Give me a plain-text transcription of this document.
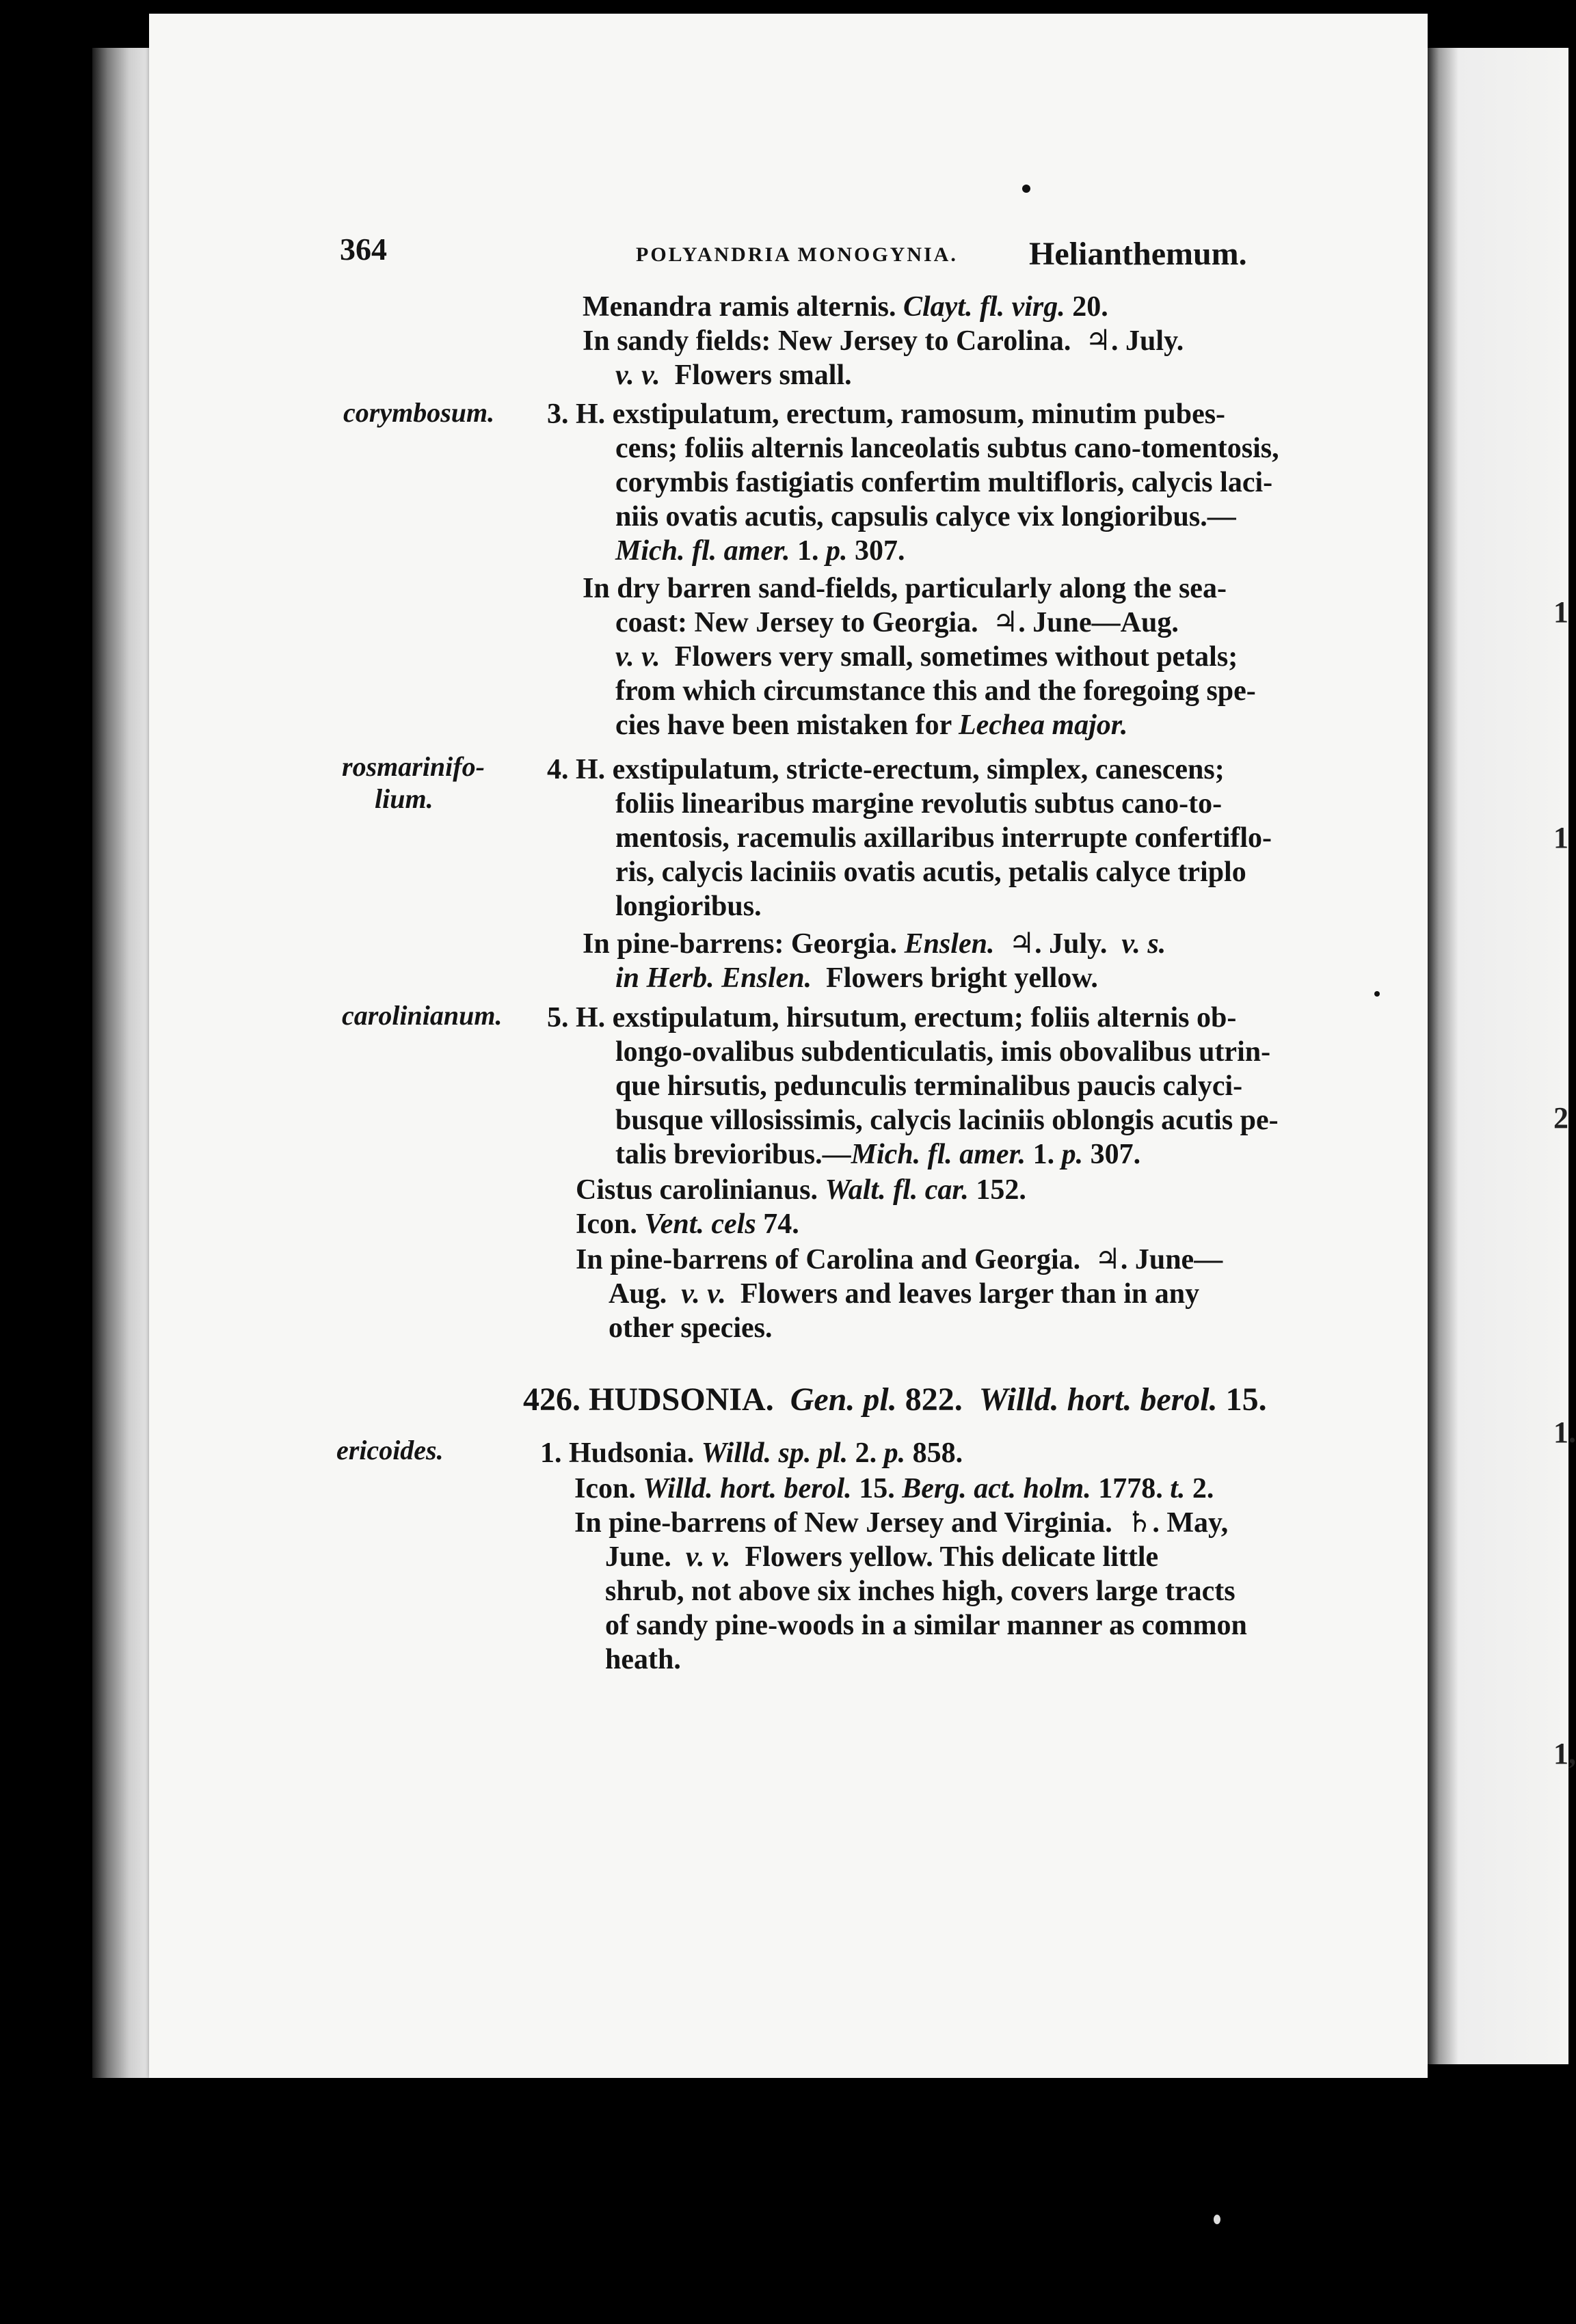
1
1
2
1.
1,
364	POLYANDRIA MONOGYNIA. Helianthemum.
corymbosum.
rosmarinifo-
lium.
carolinianum.
ericoides.
Menandra ramis alternis. Clayt. fl. virg. 20.
In sandy fields: New Jersey to Carolina.  ♃. July.
v. v.  Flowers small.
3. H. exstipulatum, erectum, ramosum, minutim pubes-
cens; foliis alternis lanceolatis subtus cano-tomentosis,
corymbis fastigiatis confertim multifloris, calycis laci-
niis ovatis acutis, capsulis calyce vix longioribus.—
Mich. fl. amer. 1. p. 307.
In dry barren sand-fields, particularly along the sea-
coast: New Jersey to Georgia.  ♃. June—Aug.
v. v.  Flowers very small, sometimes without petals;
from which circumstance this and the foregoing spe-
cies have been mistaken for Lechea major.
4. H. exstipulatum, stricte-erectum, simplex, canescens;
foliis linearibus margine revolutis subtus cano-to-
mentosis, racemulis axillaribus interrupte confertiflo-
ris, calycis laciniis ovatis acutis, petalis calyce triplo
longioribus.
In pine-barrens: Georgia. Enslen.  ♃. July.  v. s.
in Herb. Enslen.  Flowers bright yellow.
5. H. exstipulatum, hirsutum, erectum; foliis alternis ob-
longo-ovalibus subdenticulatis, imis obovalibus utrin-
que hirsutis, pedunculis terminalibus paucis calyci-
busque villosissimis, calycis laciniis oblongis acutis pe-
talis brevioribus.—Mich. fl. amer. 1. p. 307.
Cistus carolinianus. Walt. fl. car. 152.
Icon. Vent. cels 74.
In pine-barrens of Carolina and Georgia.  ♃. June—
Aug.  v. v.  Flowers and leaves larger than in any
other species.
426. HUDSONIA.  Gen. pl. 822.  Willd. hort. berol. 15.
1. Hudsonia. Willd. sp. pl. 2. p. 858.
Icon. Willd. hort. berol. 15. Berg. act. holm. 1778. t. 2.
In pine-barrens of New Jersey and Virginia.  ♄. May,
June.  v. v.  Flowers yellow. This delicate little
shrub, not above six inches high, covers large tracts
of sandy pine-woods in a similar manner as common
heath.
